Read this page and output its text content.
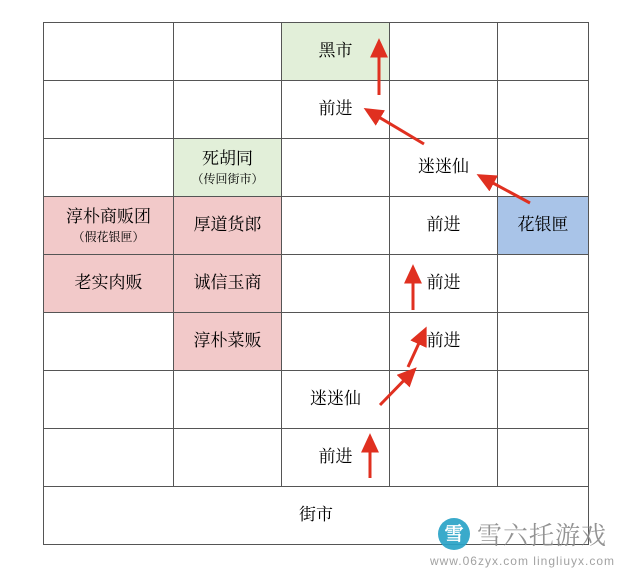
		黑市		

		前进		

	死胡同
（传回街市）		迷迷仙	

淳朴商贩团
（假花银匣）	厚道货郎		前进	花银匣

老实肉贩	诚信玉商		前进	

	淳朴菜贩		前进	

		迷迷仙		

		前进		

街市				
雪 雪六托游戏
www.06zyx.com lingliuyx.com
